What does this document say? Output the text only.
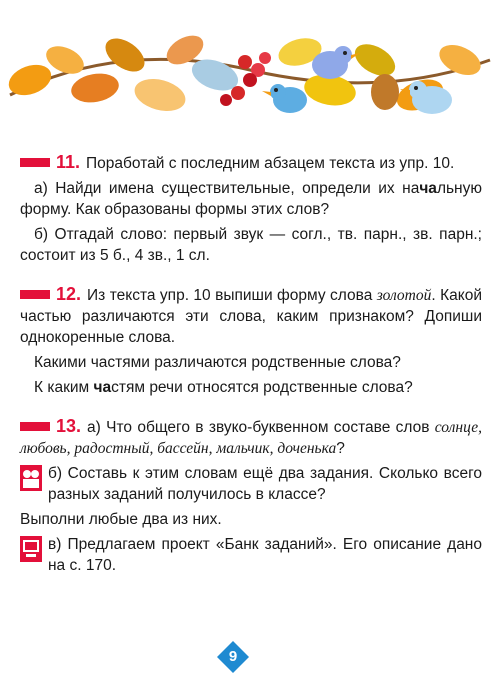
11. Поработай с последним абзацем текста из упр. 10.
а) Найди имена существительные, определи их начальную форму. Как образованы формы этих слов?
б) Отгадай слово: первый звук — согл., тв. парн., зв. парн.; состоит из 5 б., 4 зв., 1 сл.
12. Из текста упр. 10 выпиши форму слова золотой. Какой частью различаются эти слова, каким признаком? Допиши однокоренные слова.
Какими частями различаются родственные слова?
К каким частям речи относятся родственные слова?
13. а) Что общего в звуко-буквенном составе слов солнце, любовь, радостный, бассейн, мальчик, доченька?
б) Составь к этим словам ещё два задания. Сколько всего разных заданий получилось в классе?
Выполни любые два из них.
в) Предлагаем проект «Банк заданий». Его описание дано на с. 170.
9
